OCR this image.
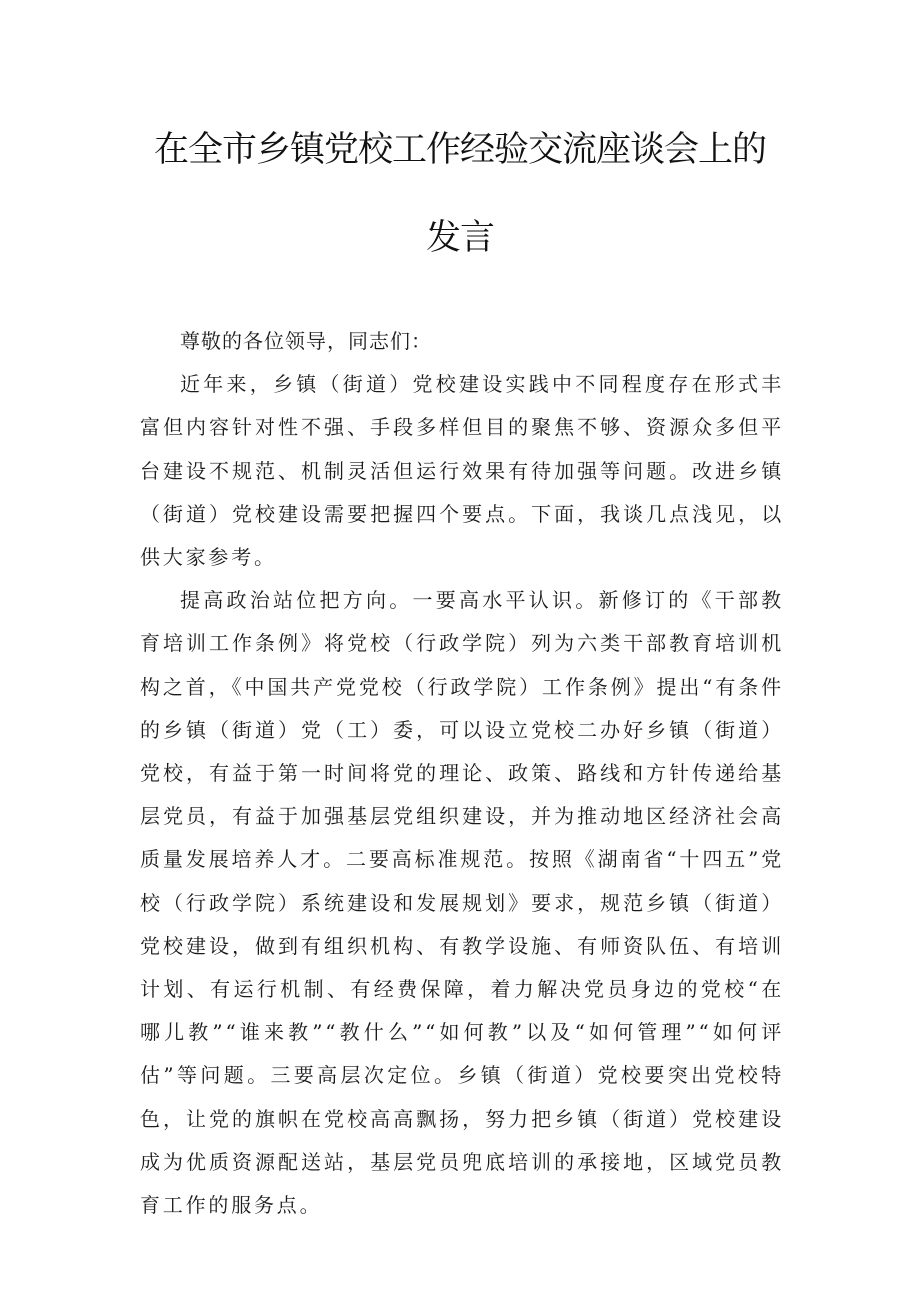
在全市乡镇党校工作经验交流座谈会上的
发言

尊敬的各位领导，同志们：

近年来，乡镇（街道）党校建设实践中不同程度存在形式丰富但内容针对性不强、手段多样但目的聚焦不够、资源众多但平台建设不规范、机制灵活但运行效果有待加强等问题。改进乡镇（街道）党校建设需要把握四个要点。下面，我谈几点浅见，以供大家参考。

提高政治站位把方向。一要高水平认识。新修订的《干部教育培训工作条例》将党校（行政学院）列为六类干部教育培训机构之首，《中国共产党党校（行政学院）工作条例》提出“有条件的乡镇（街道）党（工）委，可以设立党校二办好乡镇（街道）党校，有益于第一时间将党的理论、政策、路线和方针传递给基层党员，有益于加强基层党组织建设，并为推动地区经济社会高质量发展培养人才。二要高标准规范。按照《湖南省“十四五”党校（行政学院）系统建设和发展规划》要求，规范乡镇（街道）党校建设，做到有组织机构、有教学设施、有师资队伍、有培训计划、有运行机制、有经费保障，着力解决党员身边的党校“在哪儿教”“谁来教”“教什么”“如何教”以及“如何管理”“如何评估”等问题。三要高层次定位。乡镇（街道）党校要突出党校特色，让党的旗帜在党校高高飘扬，努力把乡镇（街道）党校建设成为优质资源配送站，基层党员兜底培训的承接地，区域党员教育工作的服务点。
